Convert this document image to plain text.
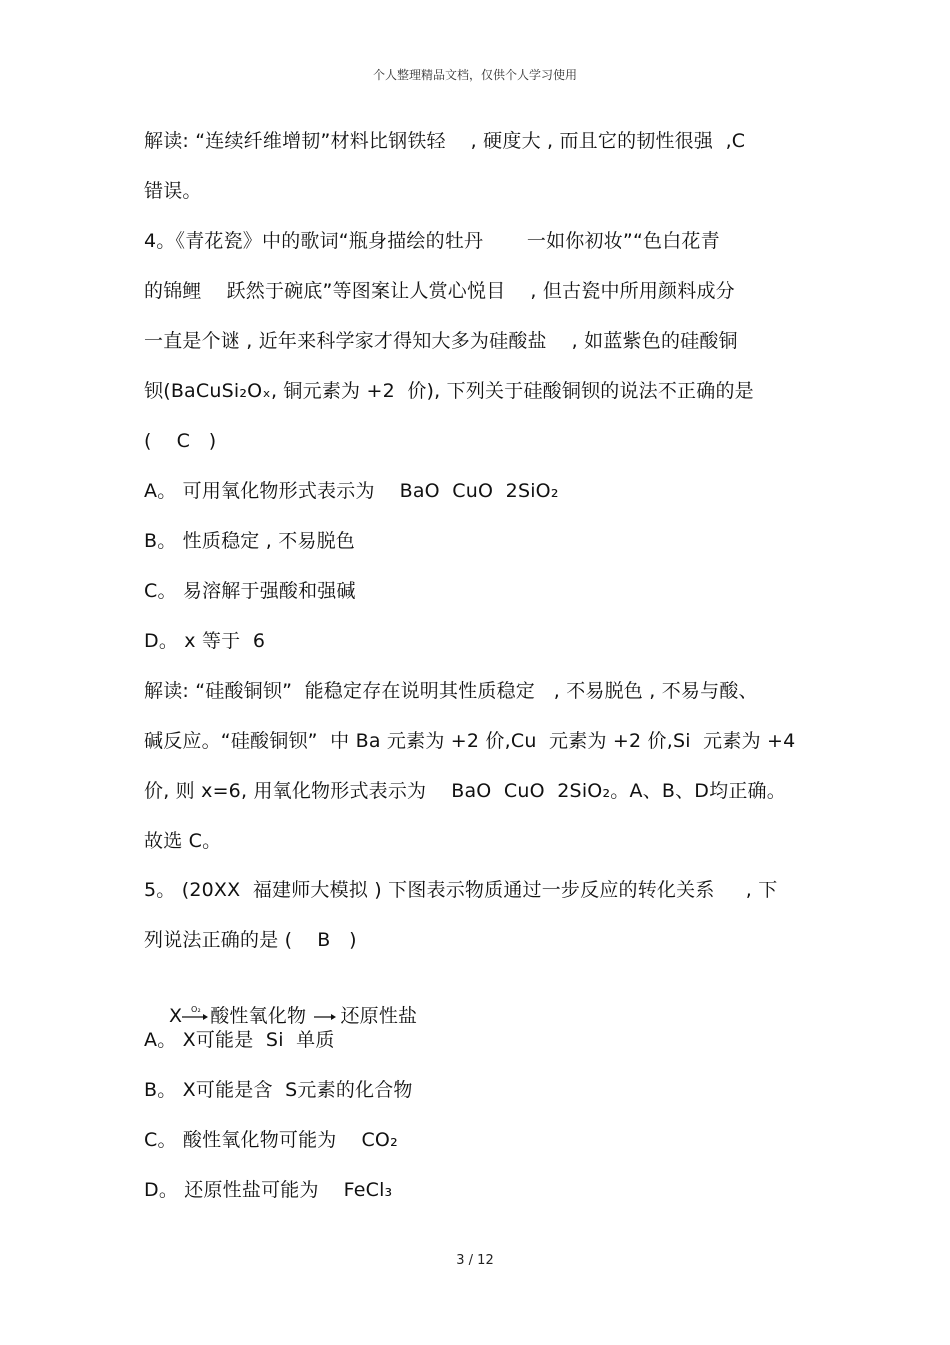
个人整理精品文档，仅供个人学习使用
解读: “连续纤维增韧”材料比钢铁轻    , 硬度大 , 而且它的韧性很强  ,C
错误。
4。《青花瓷》中的歌词“瓶身描绘的牡丹       一如你初妆”“色白花青
的锦鲤    跃然于碗底”等图案让人赏心悦目    , 但古瓷中所用颜料成分
一直是个谜 , 近年来科学家才得知大多为硅酸盐    , 如蓝紫色的硅酸铜
钡(BaCuSi₂Oₓ, 铜元素为 +2  价), 下列关于硅酸铜钡的说法不正确的是
(    C   )
A。 可用氧化物形式表示为    BaO  CuO  2SiO₂
B。 性质稳定 , 不易脱色
C。 易溶解于强酸和强碱
D。 x 等于  6
解读: “硅酸铜钡”  能稳定存在说明其性质稳定   , 不易脱色 , 不易与酸、
碱反应。“硅酸铜钡”  中 Ba 元素为 +2 价,Cu  元素为 +2 价,Si  元素为 +4
价, 则 x=6, 用氧化物形式表示为    BaO  CuO  2SiO₂。A、B、D均正确。
故选 C。
5。 (20XX  福建师大模拟 ) 下图表示物质通过一步反应的转化关系     , 下
列说法正确的是 (    B   )

X O₂ 酸性氧化物 →还原性盐

A。 X可能是  Si  单质
B。 X可能是含  S元素的化合物
C。 酸性氧化物可能为    CO₂
D。 还原性盐可能为    FeCl₃
3 / 12
